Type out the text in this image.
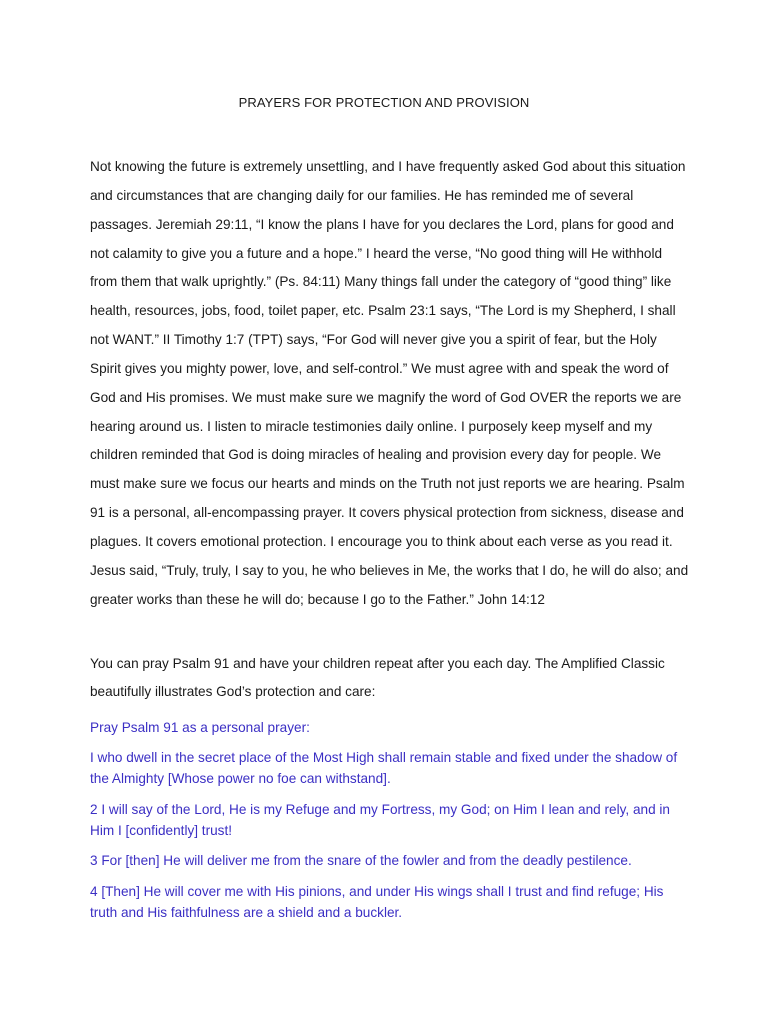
PRAYERS FOR PROTECTION AND PROVISION
Not knowing the future is extremely unsettling, and I have frequently asked God about this situation and circumstances that are changing daily for our families. He has reminded me of several passages. Jeremiah 29:11, “I know the plans I have for you declares the Lord, plans for good and not calamity to give you a future and a hope.” I heard the verse, “No good thing will He withhold from them that walk uprightly.” (Ps. 84:11) Many things fall under the category of “good thing” like health, resources, jobs, food, toilet paper, etc. Psalm 23:1 says, “The Lord is my Shepherd, I shall not WANT.” II Timothy 1:7 (TPT) says, “For God will never give you a spirit of fear, but the Holy Spirit gives you mighty power, love, and self-control.” We must agree with and speak the word of God and His promises. We must make sure we magnify the word of God OVER the reports we are hearing around us. I listen to miracle testimonies daily online. I purposely keep myself and my children reminded that God is doing miracles of healing and provision every day for people. We must make sure we focus our hearts and minds on the Truth not just reports we are hearing. Psalm 91 is a personal, all-encompassing prayer. It covers physical protection from sickness, disease and plagues. It covers emotional protection. I encourage you to think about each verse as you read it. Jesus said, “Truly, truly, I say to you, he who believes in Me, the works that I do, he will do also; and greater works than these he will do; because I go to the Father.” John 14:12
You can pray Psalm 91 and have your children repeat after you each day. The Amplified Classic beautifully illustrates God’s protection and care:
Pray Psalm 91 as a personal prayer:
I who dwell in the secret place of the Most High shall remain stable and fixed under the shadow of the Almighty [Whose power no foe can withstand].
2 I will say of the Lord, He is my Refuge and my Fortress, my God; on Him I lean and rely, and in Him I [confidently] trust!
3 For [then] He will deliver me from the snare of the fowler and from the deadly pestilence.
4 [Then] He will cover me with His pinions, and under His wings shall I trust and find refuge; His truth and His faithfulness are a shield and a buckler.
